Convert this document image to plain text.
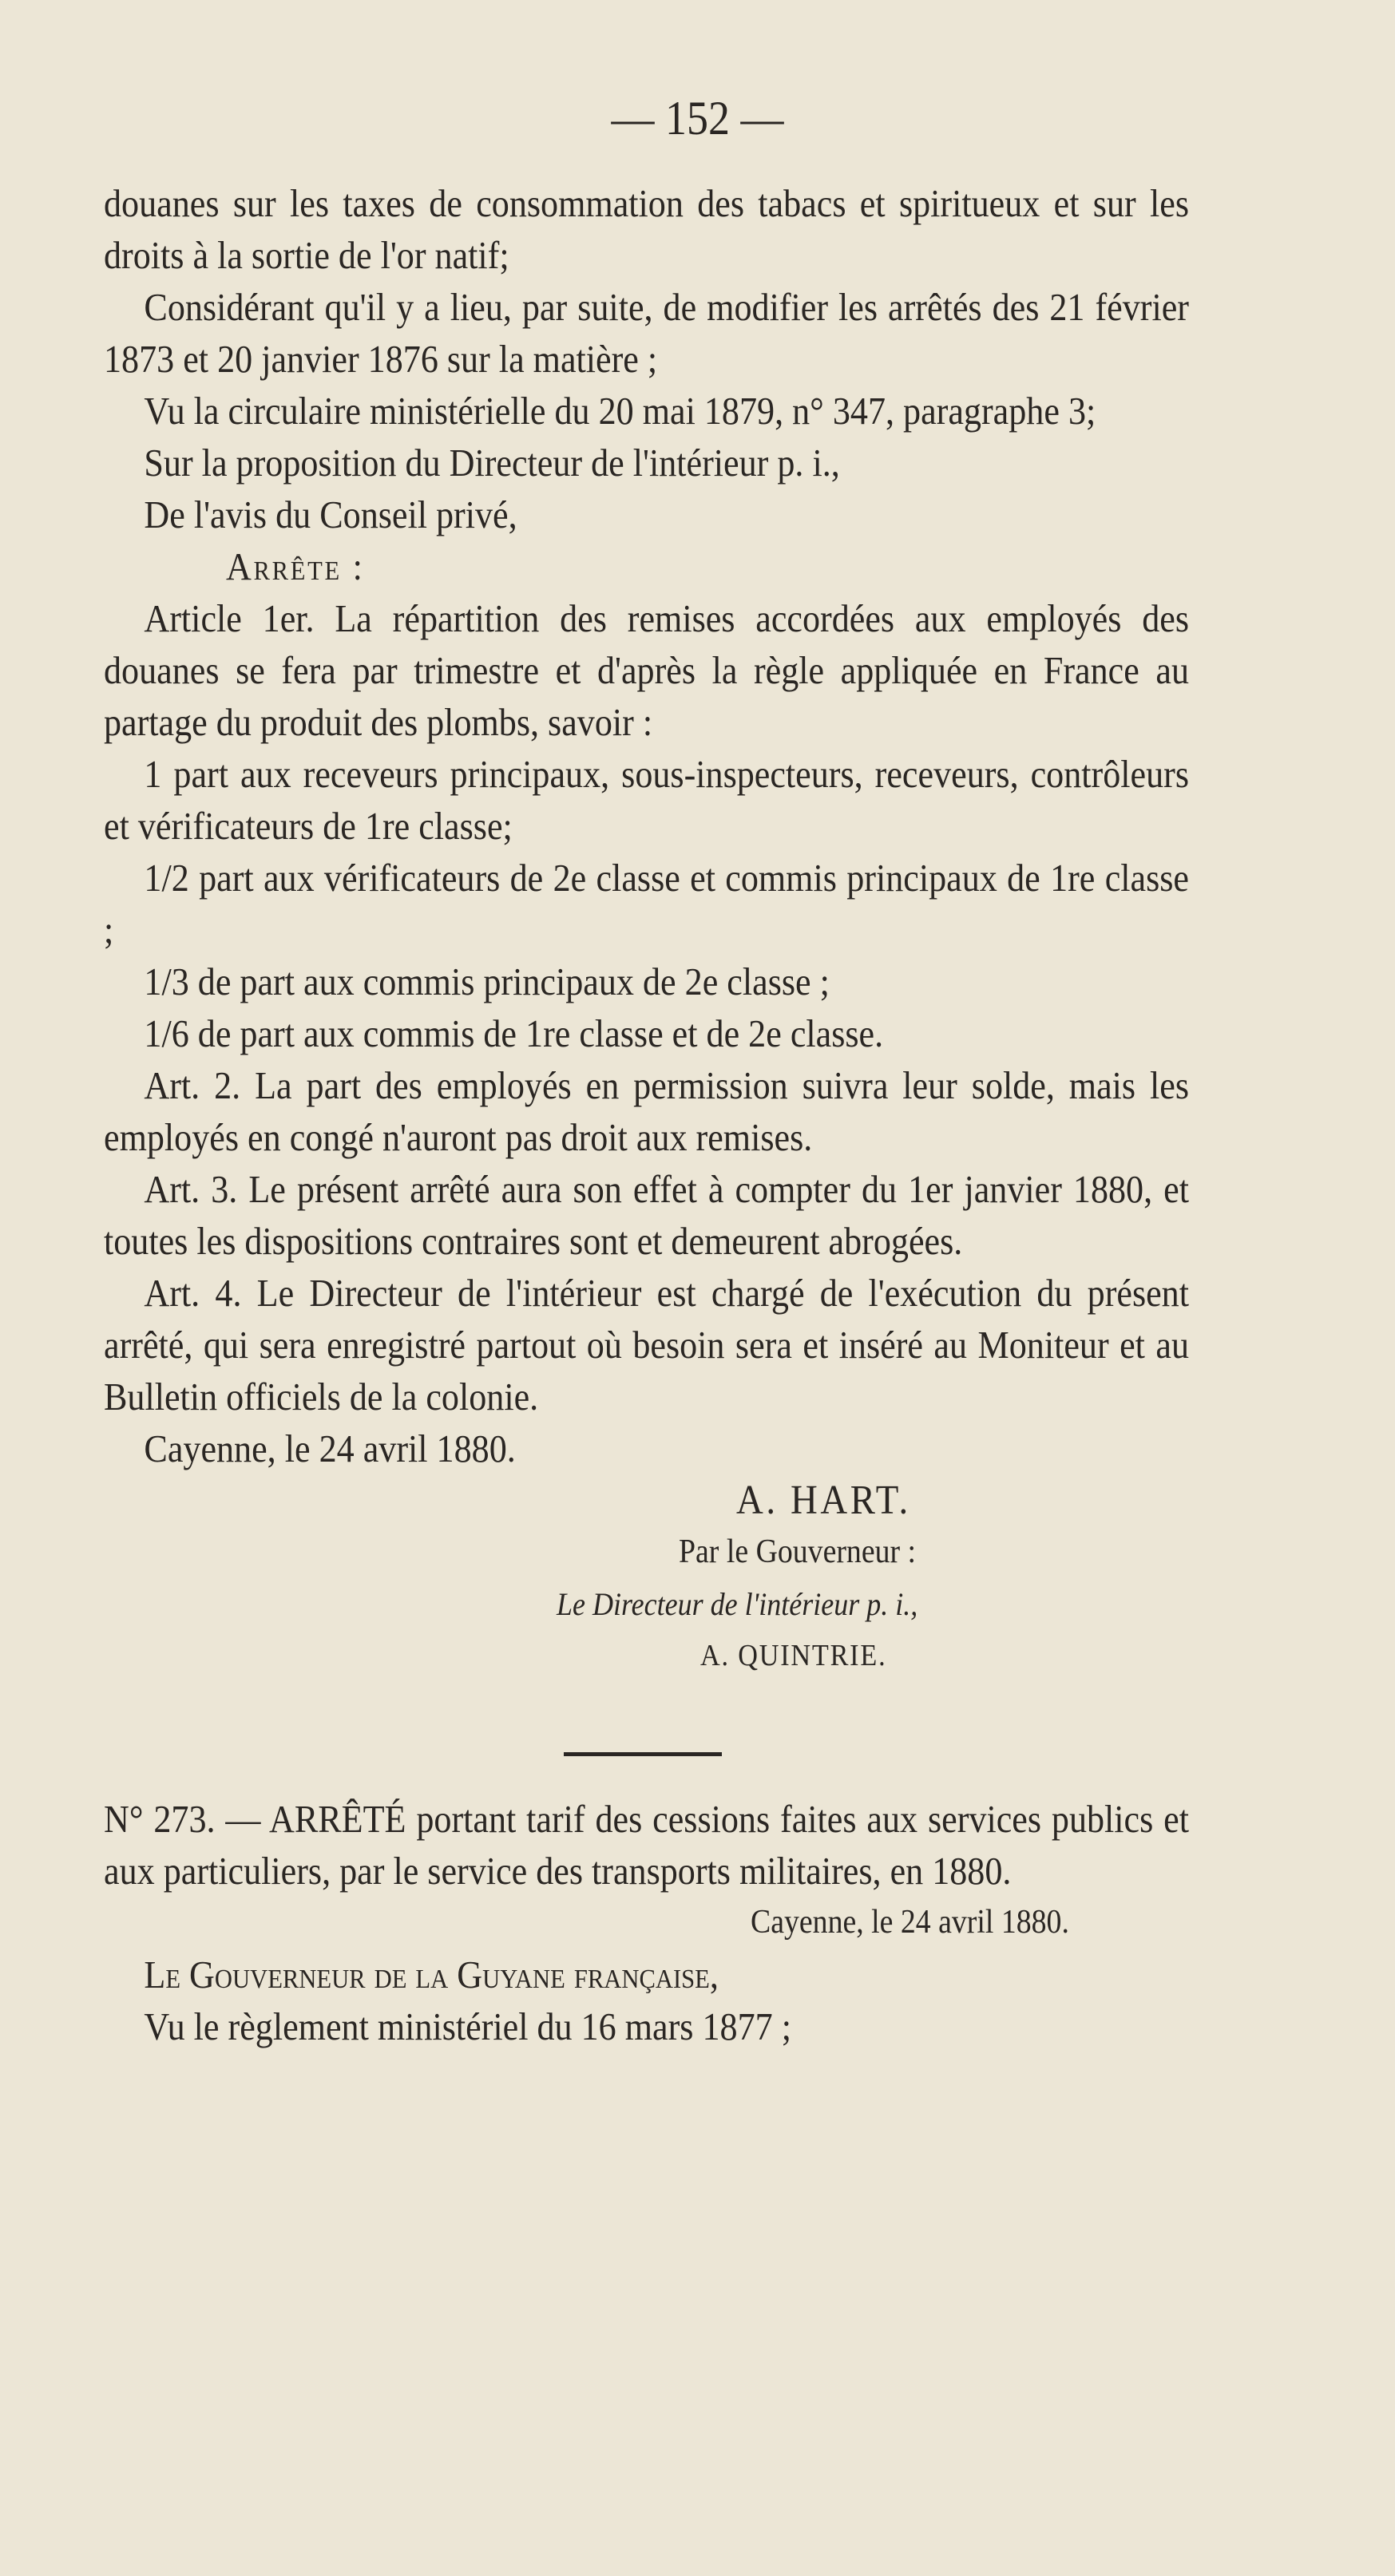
— 152 —

douanes sur les taxes de consommation des tabacs et spiritueux et sur les droits à la sortie de l'or natif;

Considérant qu'il y a lieu, par suite, de modifier les arrêtés des 21 février 1873 et 20 janvier 1876 sur la matière ;

Vu la circulaire ministérielle du 20 mai 1879, n° 347, paragraphe 3;

Sur la proposition du Directeur de l'intérieur p. i.,

De l'avis du Conseil privé,

Arrête :

Article 1er. La répartition des remises accordées aux employés des douanes se fera par trimestre et d'après la règle appliquée en France au partage du produit des plombs, savoir :

1 part aux receveurs principaux, sous-inspecteurs, receveurs, contrôleurs et vérificateurs de 1re classe;

1/2 part aux vérificateurs de 2e classe et commis principaux de 1re classe ;

1/3 de part aux commis principaux de 2e classe ;

1/6 de part aux commis de 1re classe et de 2e classe.

Art. 2. La part des employés en permission suivra leur solde, mais les employés en congé n'auront pas droit aux remises.

Art. 3. Le présent arrêté aura son effet à compter du 1er janvier 1880, et toutes les dispositions contraires sont et demeurent abrogées.

Art. 4. Le Directeur de l'intérieur est chargé de l'exécution du présent arrêté, qui sera enregistré partout où besoin sera et inséré au Moniteur et au Bulletin officiels de la colonie.

Cayenne, le 24 avril 1880.

A. HART.

Par le Gouverneur :

Le Directeur de l'intérieur p. i.,

A. QUINTRIE.

N° 273. — ARRÊTÉ portant tarif des cessions faites aux services publics et aux particuliers, par le service des transports militaires, en 1880.

Cayenne, le 24 avril 1880.

Le Gouverneur de la Guyane française,

Vu le règlement ministériel du 16 mars 1877 ;
